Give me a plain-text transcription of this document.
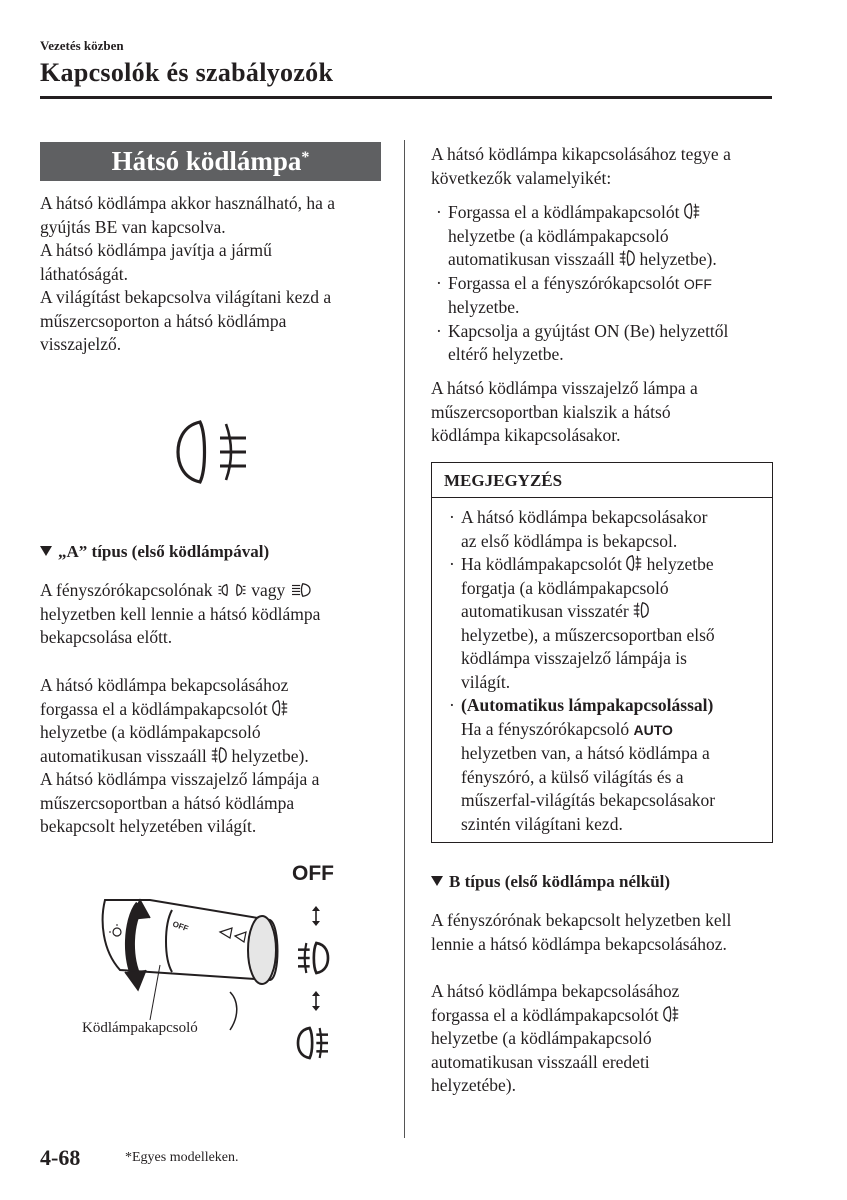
Vezetés közben
Kapcsolók és szabályozók
Hátsó ködlámpa*
A hátsó ködlámpa akkor használható, ha a
gyújtás BE van kapcsolva.
A hátsó ködlámpa javítja a jármű
láthatóságát.
A világítást bekapcsolva világítani kezd a
műszercsoporton a hátsó ködlámpa
visszajelző.
„A” típus (első ködlámpával)
A fényszórókapcsolónak vagy
helyzetben kell lennie a hátsó ködlámpa
bekapcsolása előtt.
A hátsó ködlámpa bekapcsolásához
forgassa el a ködlámpakapcsolót
helyzetbe (a ködlámpakapcsoló
automatikusan visszaáll helyzetbe).
A hátsó ködlámpa visszajelző lámpája a
műszercsoportban a hátsó ködlámpa
bekapcsolt helyzetében világít.
OFF
OFF
Ködlámpakapcsoló
A hátsó ködlámpa kikapcsolásához tegye a
következők valamelyikét:
· Forgassa el a ködlámpakapcsolót
helyzetbe (a ködlámpakapcsoló
automatikusan visszaáll helyzetbe).
· Forgassa el a fényszórókapcsolót OFF
helyzetbe.
· Kapcsolja a gyújtást ON (Be) helyzettől
eltérő helyzetbe.
A hátsó ködlámpa visszajelző lámpa a
műszercsoportban kialszik a hátsó
ködlámpa kikapcsolásakor.
MEGJEGYZÉS
· A hátsó ködlámpa bekapcsolásakor
az első ködlámpa is bekapcsol.
· Ha ködlámpakapcsolót helyzetbe
forgatja (a ködlámpakapcsoló
automatikusan visszatér
helyzetbe), a műszercsoportban első
ködlámpa visszajelző lámpája is
világít.
· (Automatikus lámpakapcsolással)
Ha a fényszórókapcsoló AUTO
helyzetben van, a hátsó ködlámpa a
fényszóró, a külső világítás és a
műszerfal-világítás bekapcsolásakor
szintén világítani kezd.
B típus (első ködlámpa nélkül)
A fényszórónak bekapcsolt helyzetben kell
lennie a hátsó ködlámpa bekapcsolásához.
A hátsó ködlámpa bekapcsolásához
forgassa el a ködlámpakapcsolót
helyzetbe (a ködlámpakapcsoló
automatikusan visszaáll eredeti
helyzetébe).
4-68	*Egyes modelleken.
